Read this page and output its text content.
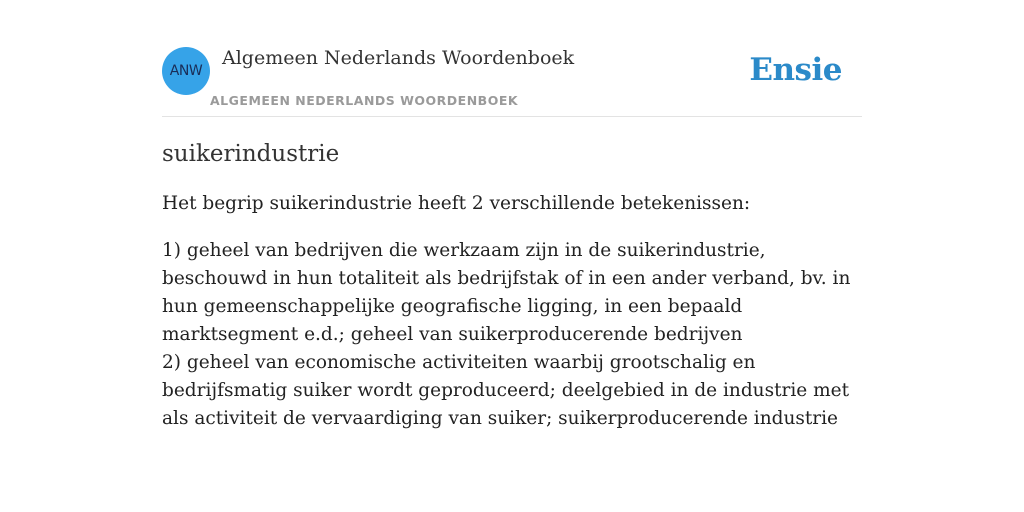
ANW
Algemeen Nederlands Woordenboek
ALGEMEEN NEDERLANDS WOORDENBOEK
Ensie
suikerindustrie

Het begrip suikerindustrie heeft 2 verschillende betekenissen:

1) geheel van bedrijven die werkzaam zijn in de suikerindustrie, beschouwd in hun totaliteit als bedrijfstak of in een ander verband, bv. in hun gemeenschappelijke geografische ligging, in een bepaald marktsegment e.d.; geheel van suikerproducerende bedrijven

2) geheel van economische activiteiten waarbij grootschalig en bedrijfsmatig suiker wordt geproduceerd; deelgebied in de industrie met als activiteit de vervaardiging van suiker; suikerproducerende industrie
